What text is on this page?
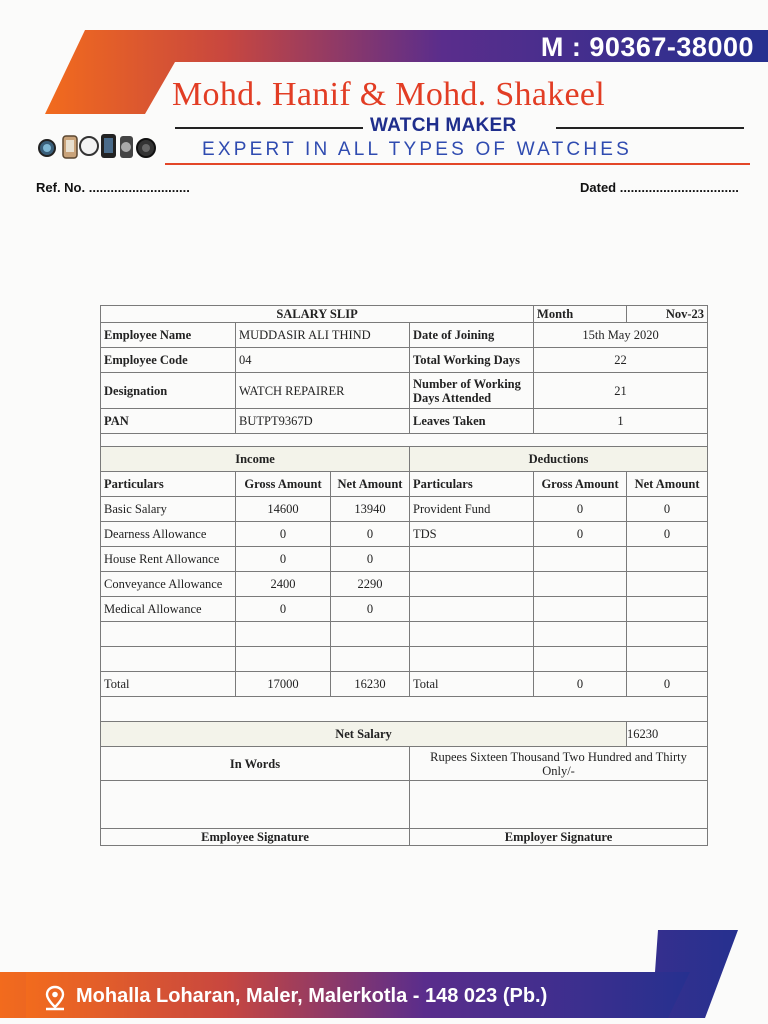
M : 90367-38000
Mohd. Hanif & Mohd. Shakeel
WATCH MAKER
EXPERT IN ALL TYPES OF WATCHES
Ref. No. ............................	Dated .................................
SALARY SLIP				Month	Nov-23
Employee Name	MUDDASIR ALI THIND		Date of Joining	15th May 2020	
Employee Code	04		Total Working Days	22	
Designation	WATCH REPAIRER		Number of Working Days Attended	21	
PAN	BUTPT9367D		Leaves Taken	1	

Income			Deductions		
Particulars	Gross Amount	Net Amount	Particulars	Gross Amount	Net Amount
Basic Salary	14600	13940	Provident Fund	0	0
Dearness Allowance	0	0	TDS	0	0
House Rent Allowance	0	0			
Conveyance Allowance	2400	2290			
Medical Allowance	0	0			

Total	17000	16230	Total	0	0

Net Salary					16230
In Words			Rupees Sixteen Thousand Two Hundred and Thirty Only/-		

Employee Signature			Employer Signature		
Mohalla Loharan, Maler, Malerkotla - 148 023 (Pb.)
